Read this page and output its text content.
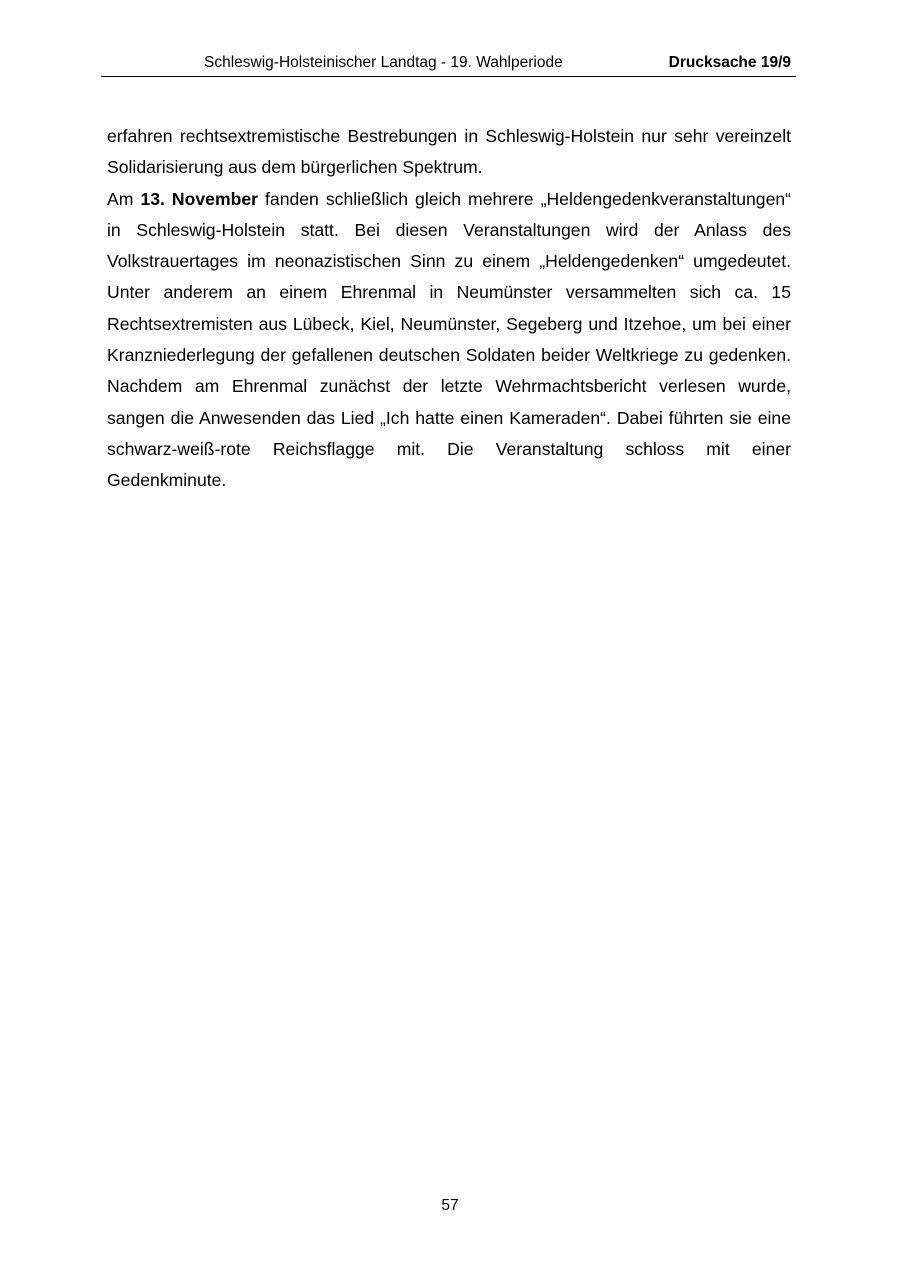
Schleswig-Holsteinischer Landtag - 19. Wahlperiode	Drucksache 19/9

erfahren rechtsextremistische Bestrebungen in Schleswig-Holstein nur sehr vereinzelt Solidarisierung aus dem bürgerlichen Spektrum.

Am 13. November fanden schließlich gleich mehrere „Heldengedenkveranstaltungen“ in Schleswig-Holstein statt. Bei diesen Veranstaltungen wird der Anlass des Volkstrauertages im neonazistischen Sinn zu einem „Heldengedenken“ umgedeutet. Unter anderem an einem Ehrenmal in Neumünster versammelten sich ca. 15 Rechtsextremisten aus Lübeck, Kiel, Neumünster, Segeberg und Itzehoe, um bei einer Kranzniederlegung der gefallenen deutschen Soldaten beider Weltkriege zu gedenken. Nachdem am Ehrenmal zunächst der letzte Wehrmachtsbericht verlesen wurde, sangen die Anwesenden das Lied „Ich hatte einen Kameraden“. Dabei führten sie eine schwarz-weiß-rote Reichsflagge mit. Die Veranstaltung schloss mit einer Gedenkminute.

57
